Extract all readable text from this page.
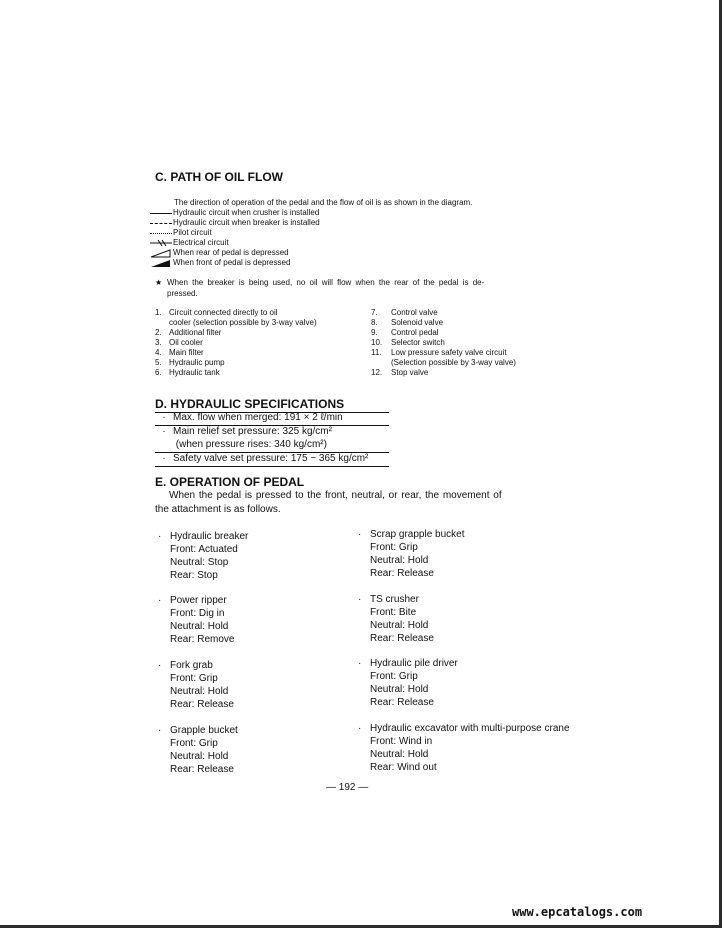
C. PATH OF OIL FLOW
The direction of operation of the pedal and the flow of oil is as shown in the diagram.
Hydraulic circuit when crusher is installed
Hydraulic circuit when breaker is installed
Pilot circuit
Electrical circuit
When rear of pedal is depressed
When front of pedal is depressed
★ When the breaker is being used, no oil will flow when the rear of the pedal is de-
pressed.
1. Circuit connected directly to oil
cooler (selection possible by 3-way valve)
2. Additional filter
3. Oil cooler
4. Main filter
5. Hydraulic pump
6. Hydraulic tank
7.	Control valve
8.	Solenoid valve
9.	Control pedal
10.	Selector switch
11.	Low pressure safety valve circuit
(Selection possible by 3-way valve)
12.	Stop valve
D. HYDRAULIC SPECIFICATIONS
· Max. flow when merged: 191 × 2 ℓ/min
· Main relief set pressure: 325 kg/cm²
(when pressure rises: 340 kg/cm²)
· Safety valve set pressure: 175 ~ 365 kg/cm²
E. OPERATION OF PEDAL
When the pedal is pressed to the front, neutral, or rear, the movement of
the attachment is as follows.
· Hydraulic breaker
Front: Actuated
Neutral: Stop
Rear: Stop
· Power ripper
Front: Dig in
Neutral: Hold
Rear: Remove
· Fork grab
Front: Grip
Neutral: Hold
Rear: Release
· Grapple bucket
Front: Grip
Neutral: Hold
Rear: Release
· Scrap grapple bucket
Front: Grip
Neutral: Hold
Rear: Release
· TS crusher
Front: Bite
Neutral: Hold
Rear: Release
· Hydraulic pile driver
Front: Grip
Neutral: Hold
Rear: Release
· Hydraulic excavator with multi-purpose crane
Front: Wind in
Neutral: Hold
Rear: Wind out
— 192 —
www.epcatalogs.com
